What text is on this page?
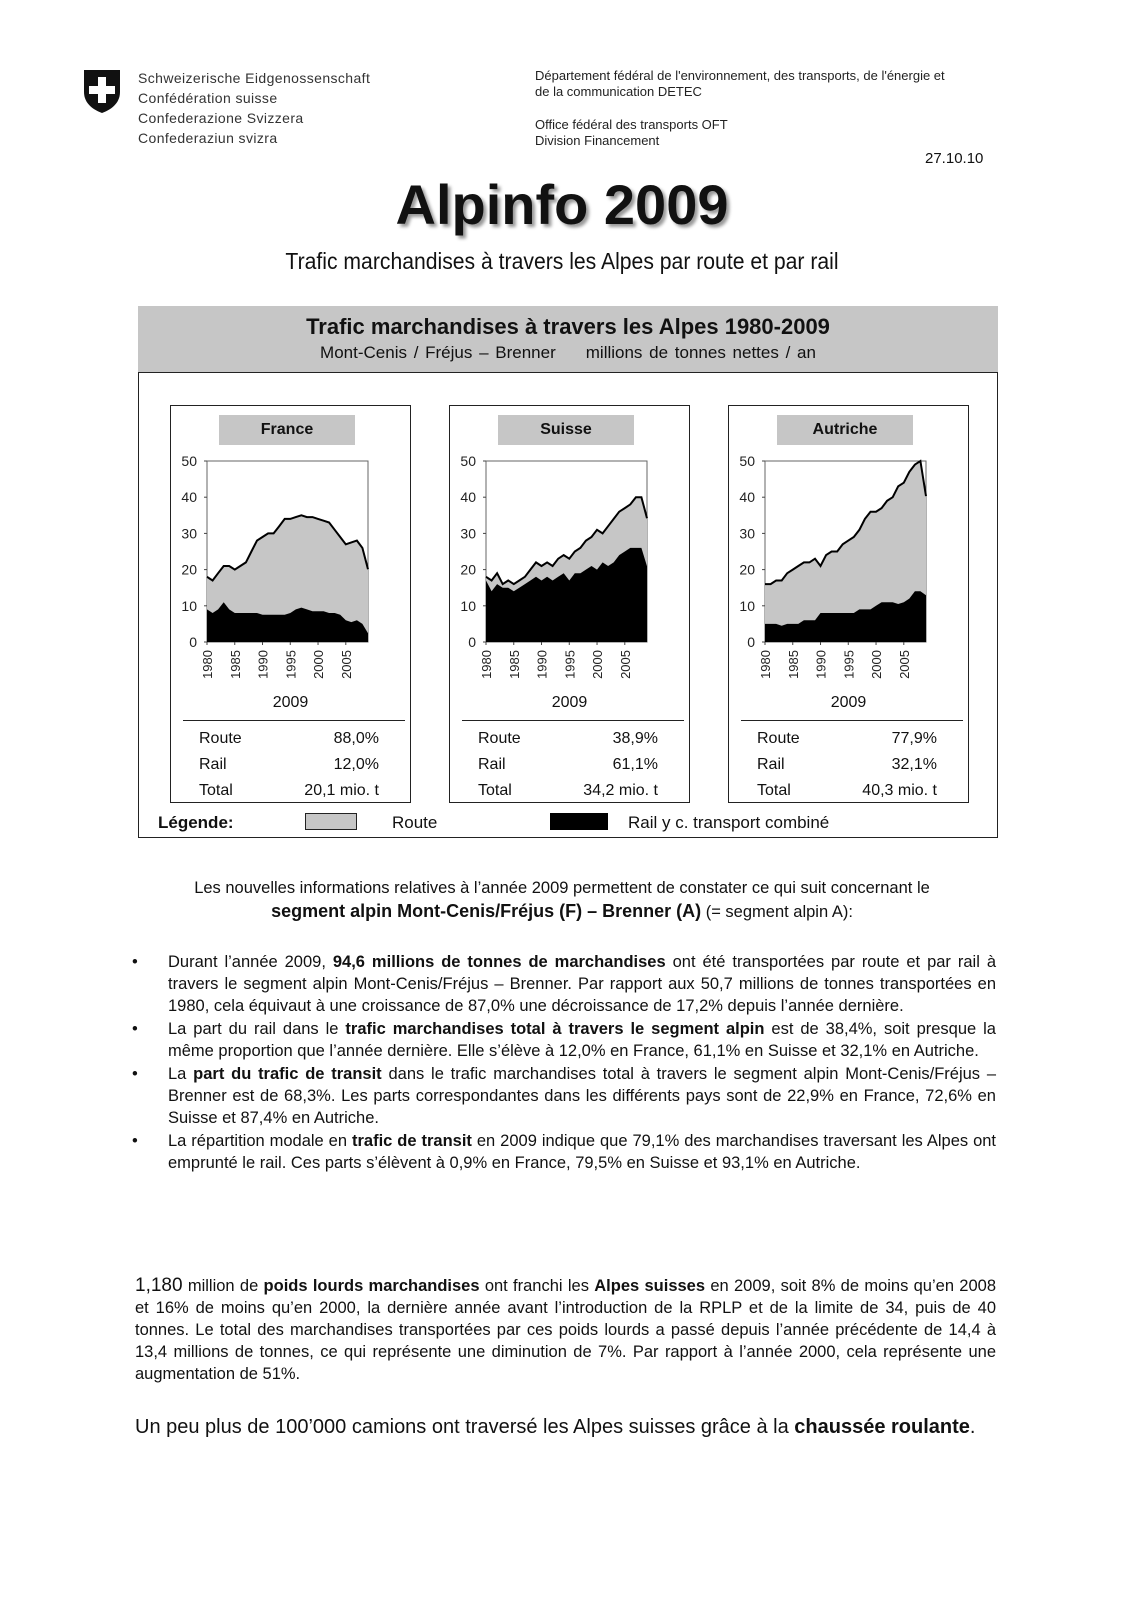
Schweizerische Eidgenossenschaft
Confédération suisse
Confederazione Svizzera
Confederaziun svizra
Département fédéral de l'environnement, des transports, de l'énergie et
de la communication DETEC
Office fédéral des transports OFT
Division Financement
27.10.10
Alpinfo 2009
Trafic marchandises à travers les Alpes par route et par rail
Trafic marchandises à travers les Alpes 1980-2009
Mont-Cenis / Fréjus – Brenner millions de tonnes nettes / an
France
0
10
20
30
40
50
1980 1985 1990 1995 2000 2005
2009
Route	88,0%
Rail	12,0%
Total	20,1 mio. t
Suisse
0
10
20
30
40
50
1980 1985 1990 1995 2000 2005
2009
Route	38,9%
Rail	61,1%
Total	34,2 mio. t
Autriche
0
10
20
30
40
50
1980 1985 1990 1995 2000 2005
2009
Route	77,9%
Rail	32,1%
Total	40,3 mio. t
Légende:	Route	Rail y c. transport combiné
Les nouvelles informations relatives à l’année 2009 permettent de constater ce qui suit concernant le
segment alpin Mont-Cenis/Fréjus (F) – Brenner (A) (= segment alpin A):
• Durant l’année 2009, 94,6 millions de tonnes de marchandises ont été transportées par route et par rail à travers le segment alpin Mont-Cenis/Fréjus – Brenner. Par rapport aux 50,7 millions de tonnes transportées en 1980, cela équivaut à une croissance de 87,0% une décroissance de 17,2% depuis l’année dernière.
• La part du rail dans le trafic marchandises total à travers le segment alpin est de 38,4%, soit presque la même proportion que l’année dernière. Elle s’élève à 12,0% en France, 61,1% en Suisse et 32,1% en Autriche.
• La part du trafic de transit dans le trafic marchandises total à travers le segment alpin Mont-Cenis/Fréjus – Brenner est de 68,3%. Les parts correspondantes dans les différents pays sont de 22,9% en France, 72,6% en Suisse et 87,4% en Autriche.
• La répartition modale en trafic de transit en 2009 indique que 79,1% des marchandises traversant les Alpes ont emprunté le rail. Ces parts s’élèvent à 0,9% en France, 79,5% en Suisse et 93,1% en Autriche.
1,180 million de poids lourds marchandises ont franchi les Alpes suisses en 2009, soit 8% de moins qu’en 2008 et 16% de moins qu’en 2000, la dernière année avant l’introduction de la RPLP et de la limite de 34, puis de 40 tonnes. Le total des marchandises transportées par ces poids lourds a passé depuis l’année précédente de 14,4 à 13,4 millions de tonnes, ce qui représente une diminution de 7%. Par rapport à l’année 2000, cela représente une augmentation de 51%.
Un peu plus de 100’000 camions ont traversé les Alpes suisses grâce à la chaussée roulante.
